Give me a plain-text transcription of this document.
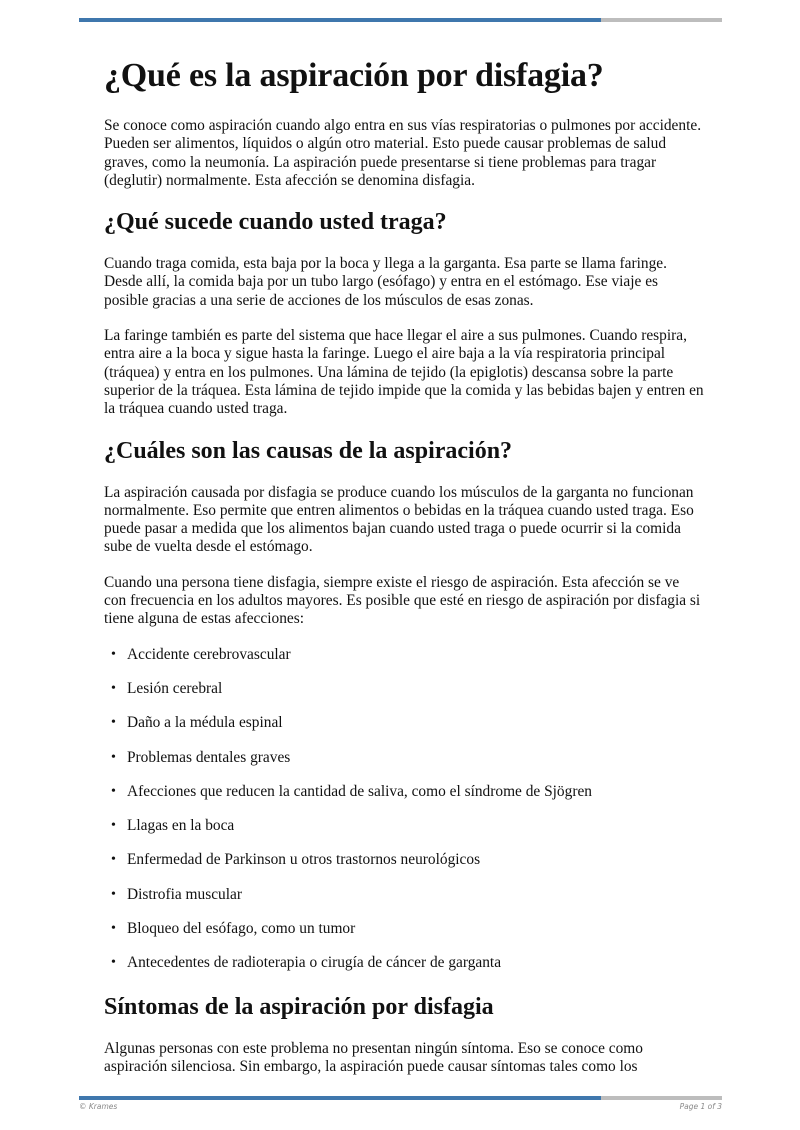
¿Qué es la aspiración por disfagia?

Se conoce como aspiración cuando algo entra en sus vías respiratorias o pulmones por accidente. Pueden ser alimentos, líquidos o algún otro material. Esto puede causar problemas de salud graves, como la neumonía. La aspiración puede presentarse si tiene problemas para tragar (deglutir) normalmente. Esta afección se denomina disfagia.

¿Qué sucede cuando usted traga?

Cuando traga comida, esta baja por la boca y llega a la garganta. Esa parte se llama faringe. Desde allí, la comida baja por un tubo largo (esófago) y entra en el estómago. Ese viaje es posible gracias a una serie de acciones de los músculos de esas zonas.

La faringe también es parte del sistema que hace llegar el aire a sus pulmones. Cuando respira, entra aire a la boca y sigue hasta la faringe. Luego el aire baja a la vía respiratoria principal (tráquea) y entra en los pulmones. Una lámina de tejido (la epiglotis) descansa sobre la parte superior de la tráquea. Esta lámina de tejido impide que la comida y las bebidas bajen y entren en la tráquea cuando usted traga.

¿Cuáles son las causas de la aspiración?

La aspiración causada por disfagia se produce cuando los músculos de la garganta no funcionan normalmente. Eso permite que entren alimentos o bebidas en la tráquea cuando usted traga. Eso puede pasar a medida que los alimentos bajan cuando usted traga o puede ocurrir si la comida sube de vuelta desde el estómago.

Cuando una persona tiene disfagia, siempre existe el riesgo de aspiración. Esta afección se ve con frecuencia en los adultos mayores. Es posible que esté en riesgo de aspiración por disfagia si tiene alguna de estas afecciones:

• Accidente cerebrovascular
• Lesión cerebral
• Daño a la médula espinal
• Problemas dentales graves
• Afecciones que reducen la cantidad de saliva, como el síndrome de Sjögren
• Llagas en la boca
• Enfermedad de Parkinson u otros trastornos neurológicos
• Distrofia muscular
• Bloqueo del esófago, como un tumor
• Antecedentes de radioterapia o cirugía de cáncer de garganta
Síntomas de la aspiración por disfagia

Algunas personas con este problema no presentan ningún síntoma. Eso se conoce como aspiración silenciosa. Sin embargo, la aspiración puede causar síntomas tales como los

© Krames	Page 1 of 3
